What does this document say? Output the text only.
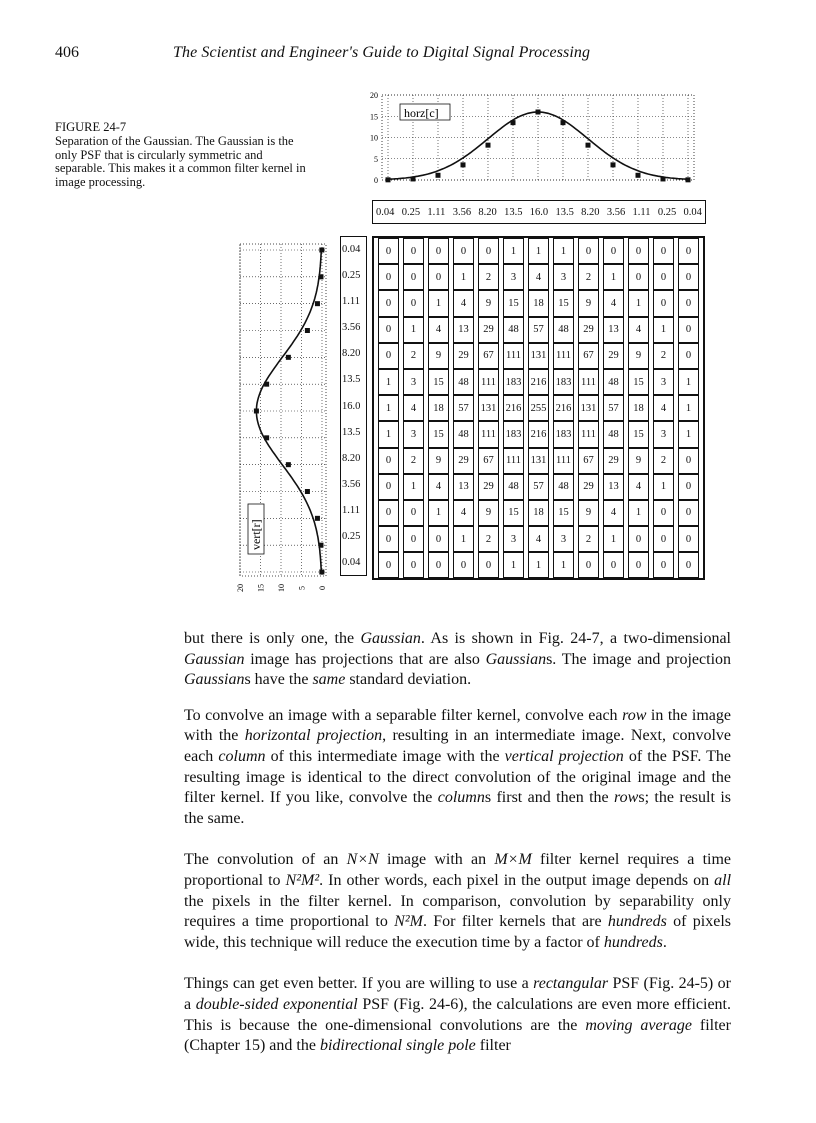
406	The Scientist and Engineer's Guide to Digital Signal Processing
FIGURE 24-7
Separation of the Gaussian. The Gaussian is the only PSF that is circularly symmetric and separable. This makes it a common filter kernel in image processing.
20
15
10
5
0
horz[c]
20 15 10 5 0
vert[r]
0.04 0.25 1.11 3.56 8.20 13.5 16.0 13.5 8.20 3.56 1.11 0.25 0.04
0.04
0.25
1.11
3.56
8.20
13.5
16.0
13.5
8.20
3.56
1.11
0.25
0.04
0	0	0	0	0	1	1	1	0	0	0	0	0
0	0	0	1	2	3	4	3	2	1	0	0	0
0	0	1	4	9	15	18	15	9	4	1	0	0
0	1	4	13	29	48	57	48	29	13	4	1	0
0	2	9	29	67	111	131	111	67	29	9	2	0
1	3	15	48	111	183	216	183	111	48	15	3	1
1	4	18	57	131	216	255	216	131	57	18	4	1
1	3	15	48	111	183	216	183	111	48	15	3	1
0	2	9	29	67	111	131	111	67	29	9	2	0
0	1	4	13	29	48	57	48	29	13	4	1	0
0	0	1	4	9	15	18	15	9	4	1	0	0
0	0	0	1	2	3	4	3	2	1	0	0	0
0	0	0	0	0	1	1	1	0	0	0	0	0

but there is only one, the Gaussian. As is shown in Fig. 24-7, a two-dimensional Gaussian image has projections that are also Gaussians. The image and projection Gaussians have the same standard deviation.

To convolve an image with a separable filter kernel, convolve each row in the image with the horizontal projection, resulting in an intermediate image. Next, convolve each column of this intermediate image with the vertical projection of the PSF. The resulting image is identical to the direct convolution of the original image and the filter kernel. If you like, convolve the columns first and then the rows; the result is the same.

The convolution of an N×N image with an M×M filter kernel requires a time proportional to N²M². In other words, each pixel in the output image depends on all the pixels in the filter kernel. In comparison, convolution by separability only requires a time proportional to N²M. For filter kernels that are hundreds of pixels wide, this technique will reduce the execution time by a factor of hundreds.

Things can get even better. If you are willing to use a rectangular PSF (Fig. 24-5) or a double-sided exponential PSF (Fig. 24-6), the calculations are even more efficient. This is because the one-dimensional convolutions are the moving average filter (Chapter 15) and the bidirectional single pole filter
